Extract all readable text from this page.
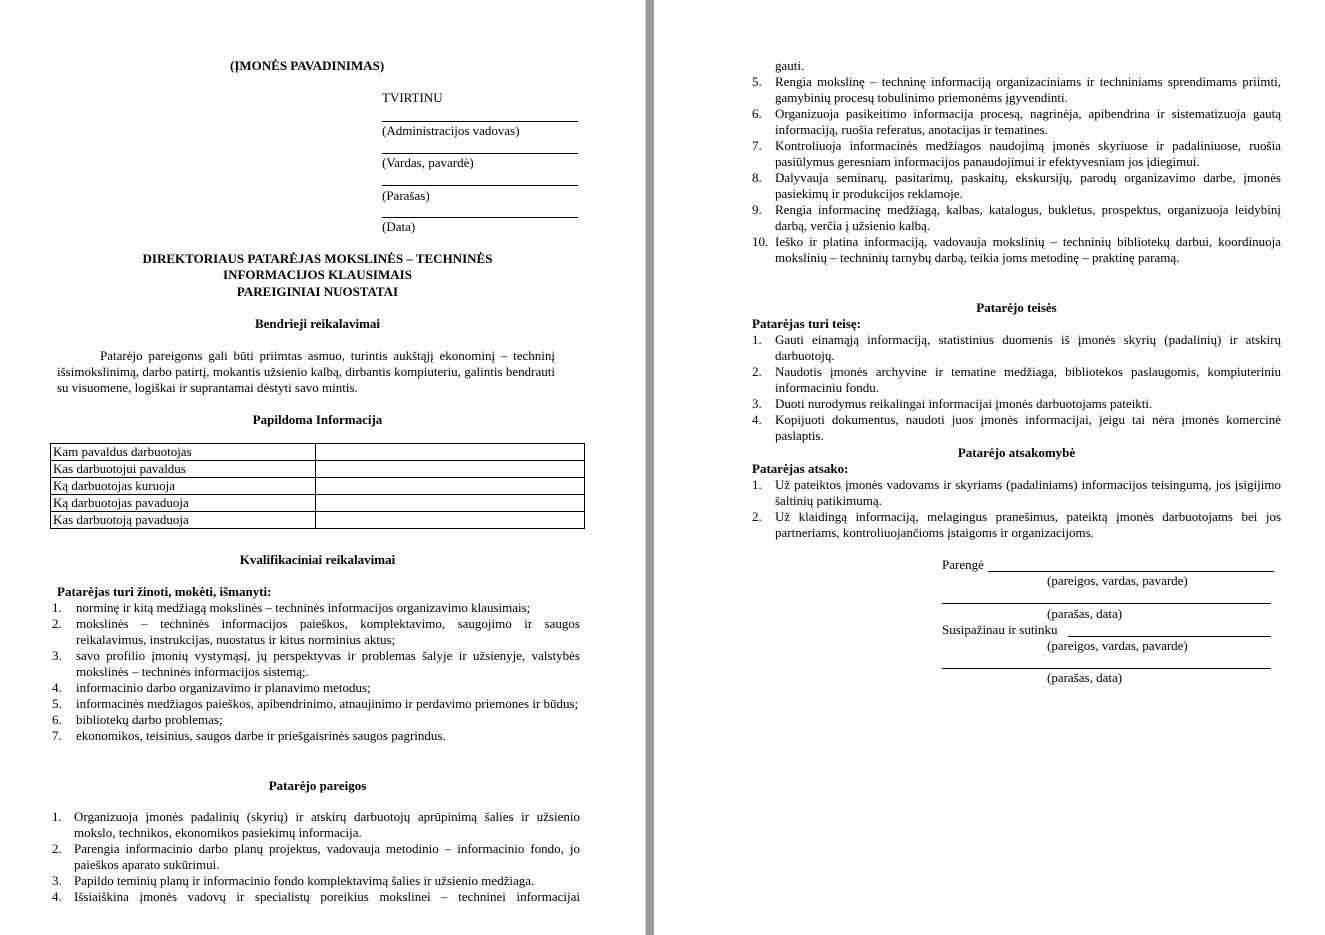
(ĮMONĖS PAVADINIMAS)

TVIRTINU

(Administracijos vadovas)

(Vardas, pavardė)

(Parašas)

(Data)

DIREKTORIAUS PATARĖJAS MOKSLINĖS – TECHNINĖS

INFORMACIJOS KLAUSIMAIS

PAREIGINIAI NUOSTATAI

Bendrieji reikalavimai

Patarėjo pareigoms gali būti priimtas asmuo, turintis aukštąjį ekonominį – techninį išsimokslinimą, darbo patirtį, mokantis užsienio kalbą, dirbantis kompiuteriu, galintis bendrauti su visuomene, logiškai ir suprantamai dėstyti savo mintis.

Papildoma Informacija

Kam pavaldus darbuotojas	
Kas darbuotojui pavaldus	
Ką darbuotojas kuruoja	
Ką darbuotojas pavaduoja	
Kas darbuotoją pavaduoja	

Kvalifikaciniai reikalavimai

Patarėjas turi žinoti, mokėti, išmanyti:

1. norminę ir kitą medžiagą mokslinės – techninės informacijos organizavimo klausimais;
2. mokslinės – techninės informacijos paieškos, komplektavimo, saugojimo ir saugos reikalavimus, instrukcijas, nuostatus ir kitus norminius aktus;
3. savo profilio įmonių vystymąsį, jų perspektyvas ir problemas šalyje ir užsienyje, valstybės mokslinės – techninės informacijos sistemą;.
4. informacinio darbo organizavimo ir planavimo metodus;
5. informacinės medžiagos paieškos, apibendrinimo, atnaujinimo ir perdavimo priemones ir būdus;
6. bibliotekų darbo problemas;
7. ekonomikos, teisinius, saugos darbe ir priešgaisrinės saugos pagrindus.

Patarėjo pareigos

1. Organizuoja įmonės padalinių (skyrių) ir atskirų darbuotojų aprūpinimą šalies ir užsienio mokslo, technikos, ekonomikos pasiekimų informacija.
2. Parengia informacinio darbo planų projektus, vadovauja metodinio – informacinio fondo, jo paieškos aparato sukūrimui.
3. Papildo teminių planų ir informacinio fondo komplektavimą šalies ir užsienio medžiaga.
4. Išsiaiškina įmonės vadovų ir specialistų poreikius mokslinei – techninei informacijai
gauti.
5. Rengia mokslinę – techninę informaciją organizaciniams ir techniniams sprendimams priimti, gamybinių procesų tobulinimo priemonėms įgyvendinti.
6. Organizuoja pasikeitimo informacija procesą, nagrinėja, apibendrina ir sistematizuoja gautą informaciją, ruošia referatus, anotacijas ir tematines.
7. Kontroliuoja informacinės medžiagos naudojimą įmonės skyriuose ir padaliniuose, ruošia pasiūlymus geresniam informacijos panaudojimui ir efektyvesniam jos įdiegimui.
8. Dalyvauja seminarų, pasitarimų, paskaitų, ekskursijų, parodų organizavimo darbe, įmonės pasiekimų ir produkcijos reklamoje.
9. Rengia informacinę medžiagą, kalbas, katalogus, bukletus, prospektus, organizuoja leidybinį darbą, verčia į užsienio kalbą.
10. Ieško ir platina informaciją, vadovauja mokslinių – techninių bibliotekų darbui, koordinuoja mokslinių – techninių tarnybų darbą, teikia joms metodinę – praktinę paramą.

Patarėjo teisės

Patarėjas turi teisę:

1. Gauti einamąją informaciją, statistinius duomenis iš įmonės skyrių (padalinių) ir atskirų darbuotojų.
2. Naudotis įmonės archyvine ir tematine medžiaga, bibliotekos paslaugomis, kompiuteriniu informaciniu fondu.
3. Duoti nurodymus reikalingai informacijai įmonės darbuotojams pateikti.
4. Kopijuoti dokumentus, naudoti juos įmonės informacijai, jeigu tai nėra įmonės komercinė paslaptis.

Patarėjo atsakomybė

Patarėjas atsako:

1. Už pateiktos įmonės vadovams ir skyriams (padaliniams) informacijos teisingumą, jos įsigijimo šaltinių patikimumą.
2. Už klaidingą informaciją, melagingus pranešimus, pateiktą įmonės darbuotojams bei jos partneriams, kontroliuojančioms įstaigoms ir organizacijoms.

Parengė

(pareigos, vardas, pavarde)

(parašas, data)

Susipažinau ir sutinku

(pareigos, vardas, pavarde)

(parašas, data)
